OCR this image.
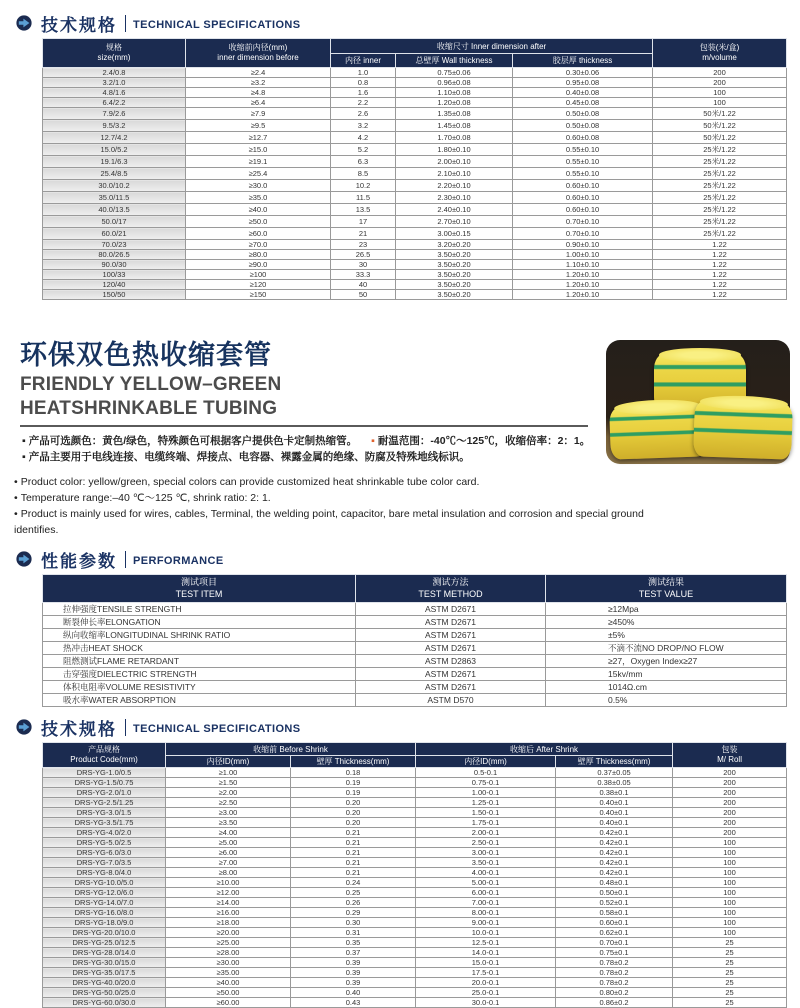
技术规格 TECHNICAL SPECIFICATIONS
规格
size(mm)	收缩前内径(mm)
inner dimension before	收缩尺寸 Inner dimension after			包装(米/盒)
m/volume

		内径 inner	总壁厚 Wall thickness	胶层厚 thickness	
2.4/0.8	≥2.4	1.0	0.75±0.06	0.30±0.06	200
3.2/1.0	≥3.2	0.8	0.96±0.08	0.95±0.08	200
4.8/1.6	≥4.8	1.6	1.10±0.08	0.40±0.08	100
6.4/2.2	≥6.4	2.2	1.20±0.08	0.45±0.08	100
7.9/2.6	≥7.9	2.6	1.35±0.08	0.50±0.08	50米/1.22
9.5/3.2	≥9.5	3.2	1.45±0.08	0.50±0.08	50米/1.22
12.7/4.2	≥12.7	4.2	1.70±0.08	0.60±0.08	50米/1.22
15.0/5.2	≥15.0	5.2	1.80±0.10	0.55±0.10	25米/1.22
19.1/6.3	≥19.1	6.3	2.00±0.10	0.55±0.10	25米/1.22
25.4/8.5	≥25.4	8.5	2.10±0.10	0.55±0.10	25米/1.22
30.0/10.2	≥30.0	10.2	2.20±0.10	0.60±0.10	25米/1.22
35.0/11.5	≥35.0	11.5	2.30±0.10	0.60±0.10	25米/1.22
40.0/13.5	≥40.0	13.5	2.40±0.10	0.60±0.10	25米/1.22
50.0/17	≥50.0	17	2.70±0.10	0.70±0.10	25米/1.22
60.0/21	≥60.0	21	3.00±0.15	0.70±0.10	25米/1.22
70.0/23	≥70.0	23	3.20±0.20	0.90±0.10	1.22
80.0/26.5	≥80.0	26.5	3.50±0.20	1.00±0.10	1.22
90.0/30	≥90.0	30	3.50±0.20	1.10±0.10	1.22
100/33	≥100	33.3	3.50±0.20	1.20±0.10	1.22
120/40	≥120	40	3.50±0.20	1.20±0.10	1.22
150/50	≥150	50	3.50±0.20	1.20±0.10	1.22
环保双色热收缩套管
FRIENDLY YELLOW–GREEN
HEATSHRINKABLE TUBING
▪ 产品可选颜色：黄色/绿色，特殊颜色可根据客户提供色卡定制热缩管。 ▪ 耐温范围：-40℃～125℃，收缩倍率：2：1。
▪ 产品主要用于电线连接、电缆终端、焊接点、电容器、裸露金属的绝缘、防腐及特殊地线标识。
• Product color: yellow/green, special colors can provide customized heat shrinkable tube color card.
• Temperature range:–40 ℃～125 ℃, shrink ratio: 2: 1.
• Product is mainly used for wires, cables, Terminal, the welding point, capacitor, bare metal insulation and corrosion and special ground identifies.
性能参数 PERFORMANCE
测试项目
TEST ITEM	测试方法
TEST METHOD	测试结果
TEST VALUE

拉伸强度TENSILE STRENGTH	ASTM D2671	≥12Mpa
断裂伸长率ELONGATION	ASTM D2671	≥450%
纵向收缩率LONGITUDINAL SHRINK RATIO	ASTM D2671	±5%
热冲击HEAT SHOCK	ASTM D2671	不滴不流NO DROP/NO FLOW
阻燃测试FLAME RETARDANT	ASTM D2863	≥27，Oxygen Index≥27
击穿强度DIELECTRIC STRENGTH	ASTM D2671	15kv/mm
体积电阻率VOLUME RESISTIVITY	ASTM D2671	1014Ω.cm
吸水率WATER ABSORPTION	ASTM D570	0.5%
技术规格 TECHNICAL SPECIFICATIONS
产品规格
Product Code(mm)	收缩前 Before Shrink		收缩后 After Shrink		包装
M/ Roll

	内径ID(mm)	壁厚 Thickness(mm)	内径ID(mm)	壁厚 Thickness(mm)	
DRS-YG-1.0/0.5	≥1.00	0.18	0.5-0.1	0.37±0.05	200
DRS-YG-1.5/0.75	≥1.50	0.19	0.75-0.1	0.38±0.05	200
DRS-YG-2.0/1.0	≥2.00	0.19	1.00-0.1	0.38±0.1	200
DRS-YG-2.5/1.25	≥2.50	0.20	1.25-0.1	0.40±0.1	200
DRS-YG-3.0/1.5	≥3.00	0.20	1.50-0.1	0.40±0.1	200
DRS-YG-3.5/1.75	≥3.50	0.20	1.75-0.1	0.40±0.1	200
DRS-YG-4.0/2.0	≥4.00	0.21	2.00-0.1	0.42±0.1	200
DRS-YG-5.0/2.5	≥5.00	0.21	2.50-0.1	0.42±0.1	100
DRS-YG-6.0/3.0	≥6.00	0.21	3.00-0.1	0.42±0.1	100
DRS-YG-7.0/3.5	≥7.00	0.21	3.50-0.1	0.42±0.1	100
DRS-YG-8.0/4.0	≥8.00	0.21	4.00-0.1	0.42±0.1	100
DRS-YG-10.0/5.0	≥10.00	0.24	5.00-0.1	0.48±0.1	100
DRS-YG-12.0/6.0	≥12.00	0.25	6.00-0.1	0.50±0.1	100
DRS-YG-14.0/7.0	≥14.00	0.26	7.00-0.1	0.52±0.1	100
DRS-YG-16.0/8.0	≥16.00	0.29	8.00-0.1	0.58±0.1	100
DRS-YG-18.0/9.0	≥18.00	0.30	9.00-0.1	0.60±0.1	100
DRS-YG-20.0/10.0	≥20.00	0.31	10.0-0.1	0.62±0.1	100
DRS-YG-25.0/12.5	≥25.00	0.35	12.5-0.1	0.70±0.1	25
DRS-YG-28.0/14.0	≥28.00	0.37	14.0-0.1	0.75±0.1	25
DRS-YG-30.0/15.0	≥30.00	0.39	15.0-0.1	0.78±0.2	25
DRS-YG-35.0/17.5	≥35.00	0.39	17.5-0.1	0.78±0.2	25
DRS-YG-40.0/20.0	≥40.00	0.39	20.0-0.1	0.78±0.2	25
DRS-YG-50.0/25.0	≥50.00	0.40	25.0-0.1	0.80±0.2	25
DRS-YG-60.0/30.0	≥60.00	0.43	30.0-0.1	0.86±0.2	25
